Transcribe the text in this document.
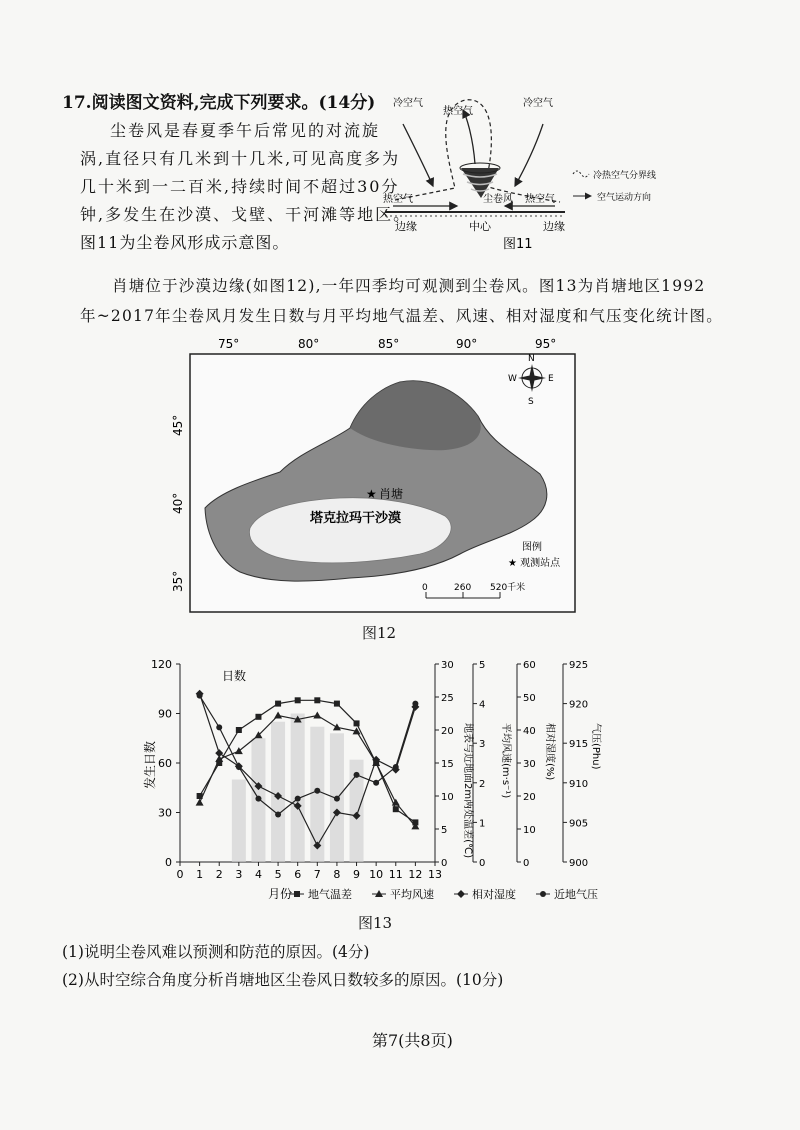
17.阅读图文资料,完成下列要求。(14分)
尘卷风是春夏季午后常见的对流旋
涡,直径只有几米到十几米,可见高度多为
几十米到一二百米,持续时间不超过30分
钟,多发生在沙漠、戈壁、干河滩等地区。
图11为尘卷风形成示意图。
冷空气
热空气
冷空气
热空气	尘卷风 热空气
边缘	中心	边缘
冷热空气分界线
空气运动方向
图11
肖塘位于沙漠边缘(如图12),一年四季均可观测到尘卷风。图13为肖塘地区1992
年~2017年尘卷风月发生日数与月平均地气温差、风速、相对湿度和气压变化统计图。
75°	80°	85°	90°	95°
45°
40°
35°
★ 肖塘
塔克拉玛干沙漠
N
S
E
W
图例
★ 观测站点
0	260 520千米
图12
日数
0
30
60
90
120
发生日数
0 1 2 3 4 5 6 7 8 9 10 11 12 13
月份
0
5
10
15
20
25
30
地表与近地面2m两处温差(℃)
0
1
2
3
4
5
平均风速(m·s⁻¹)
0
10
20
30
40
50
60
相对湿度(%)
900
905
910
915
920
925
气压(Phu)
地气温差	平均风速	相对湿度	近地气压
图13
(1)说明尘卷风难以预测和防范的原因。(4分)
(2)从时空综合角度分析肖塘地区尘卷风日数较多的原因。(10分)
第7(共8页)
